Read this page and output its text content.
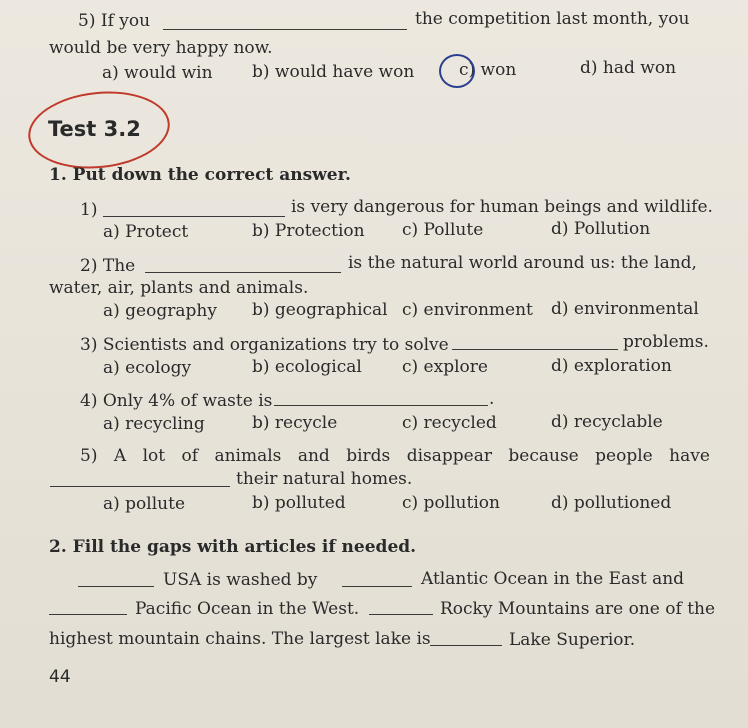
5) If you	the competition last month, you
would be very happy now.
a) would win b) would have won	c) won	d) had won
Test 3.2
1. Put down the correct answer.
1)	is very dangerous for human beings and wildlife.
a) Protect	b) Protection c) Pollute	d) Pollution
2) The	is the natural world around us: the land,
water, air, plants and animals.
a) geography b) geographical c) environment d) environmental
3) Scientists and organizations try to solve	problems.
a) ecology	b) ecological c) explore	d) exploration
4) Only 4% of waste is	.
a) recycling	b) recycle	c) recycled	d) recyclable
5) A lot of animals and birds disappear because people have
their natural homes.
a) pollute	b) polluted	c) pollution	d) pollutioned
2. Fill the gaps with articles if needed.
USA is washed by	Atlantic Ocean in the East and
Pacific Ocean in the West.	Rocky Mountains are one of the
highest mountain chains. The largest lake is	Lake Superior.
44
